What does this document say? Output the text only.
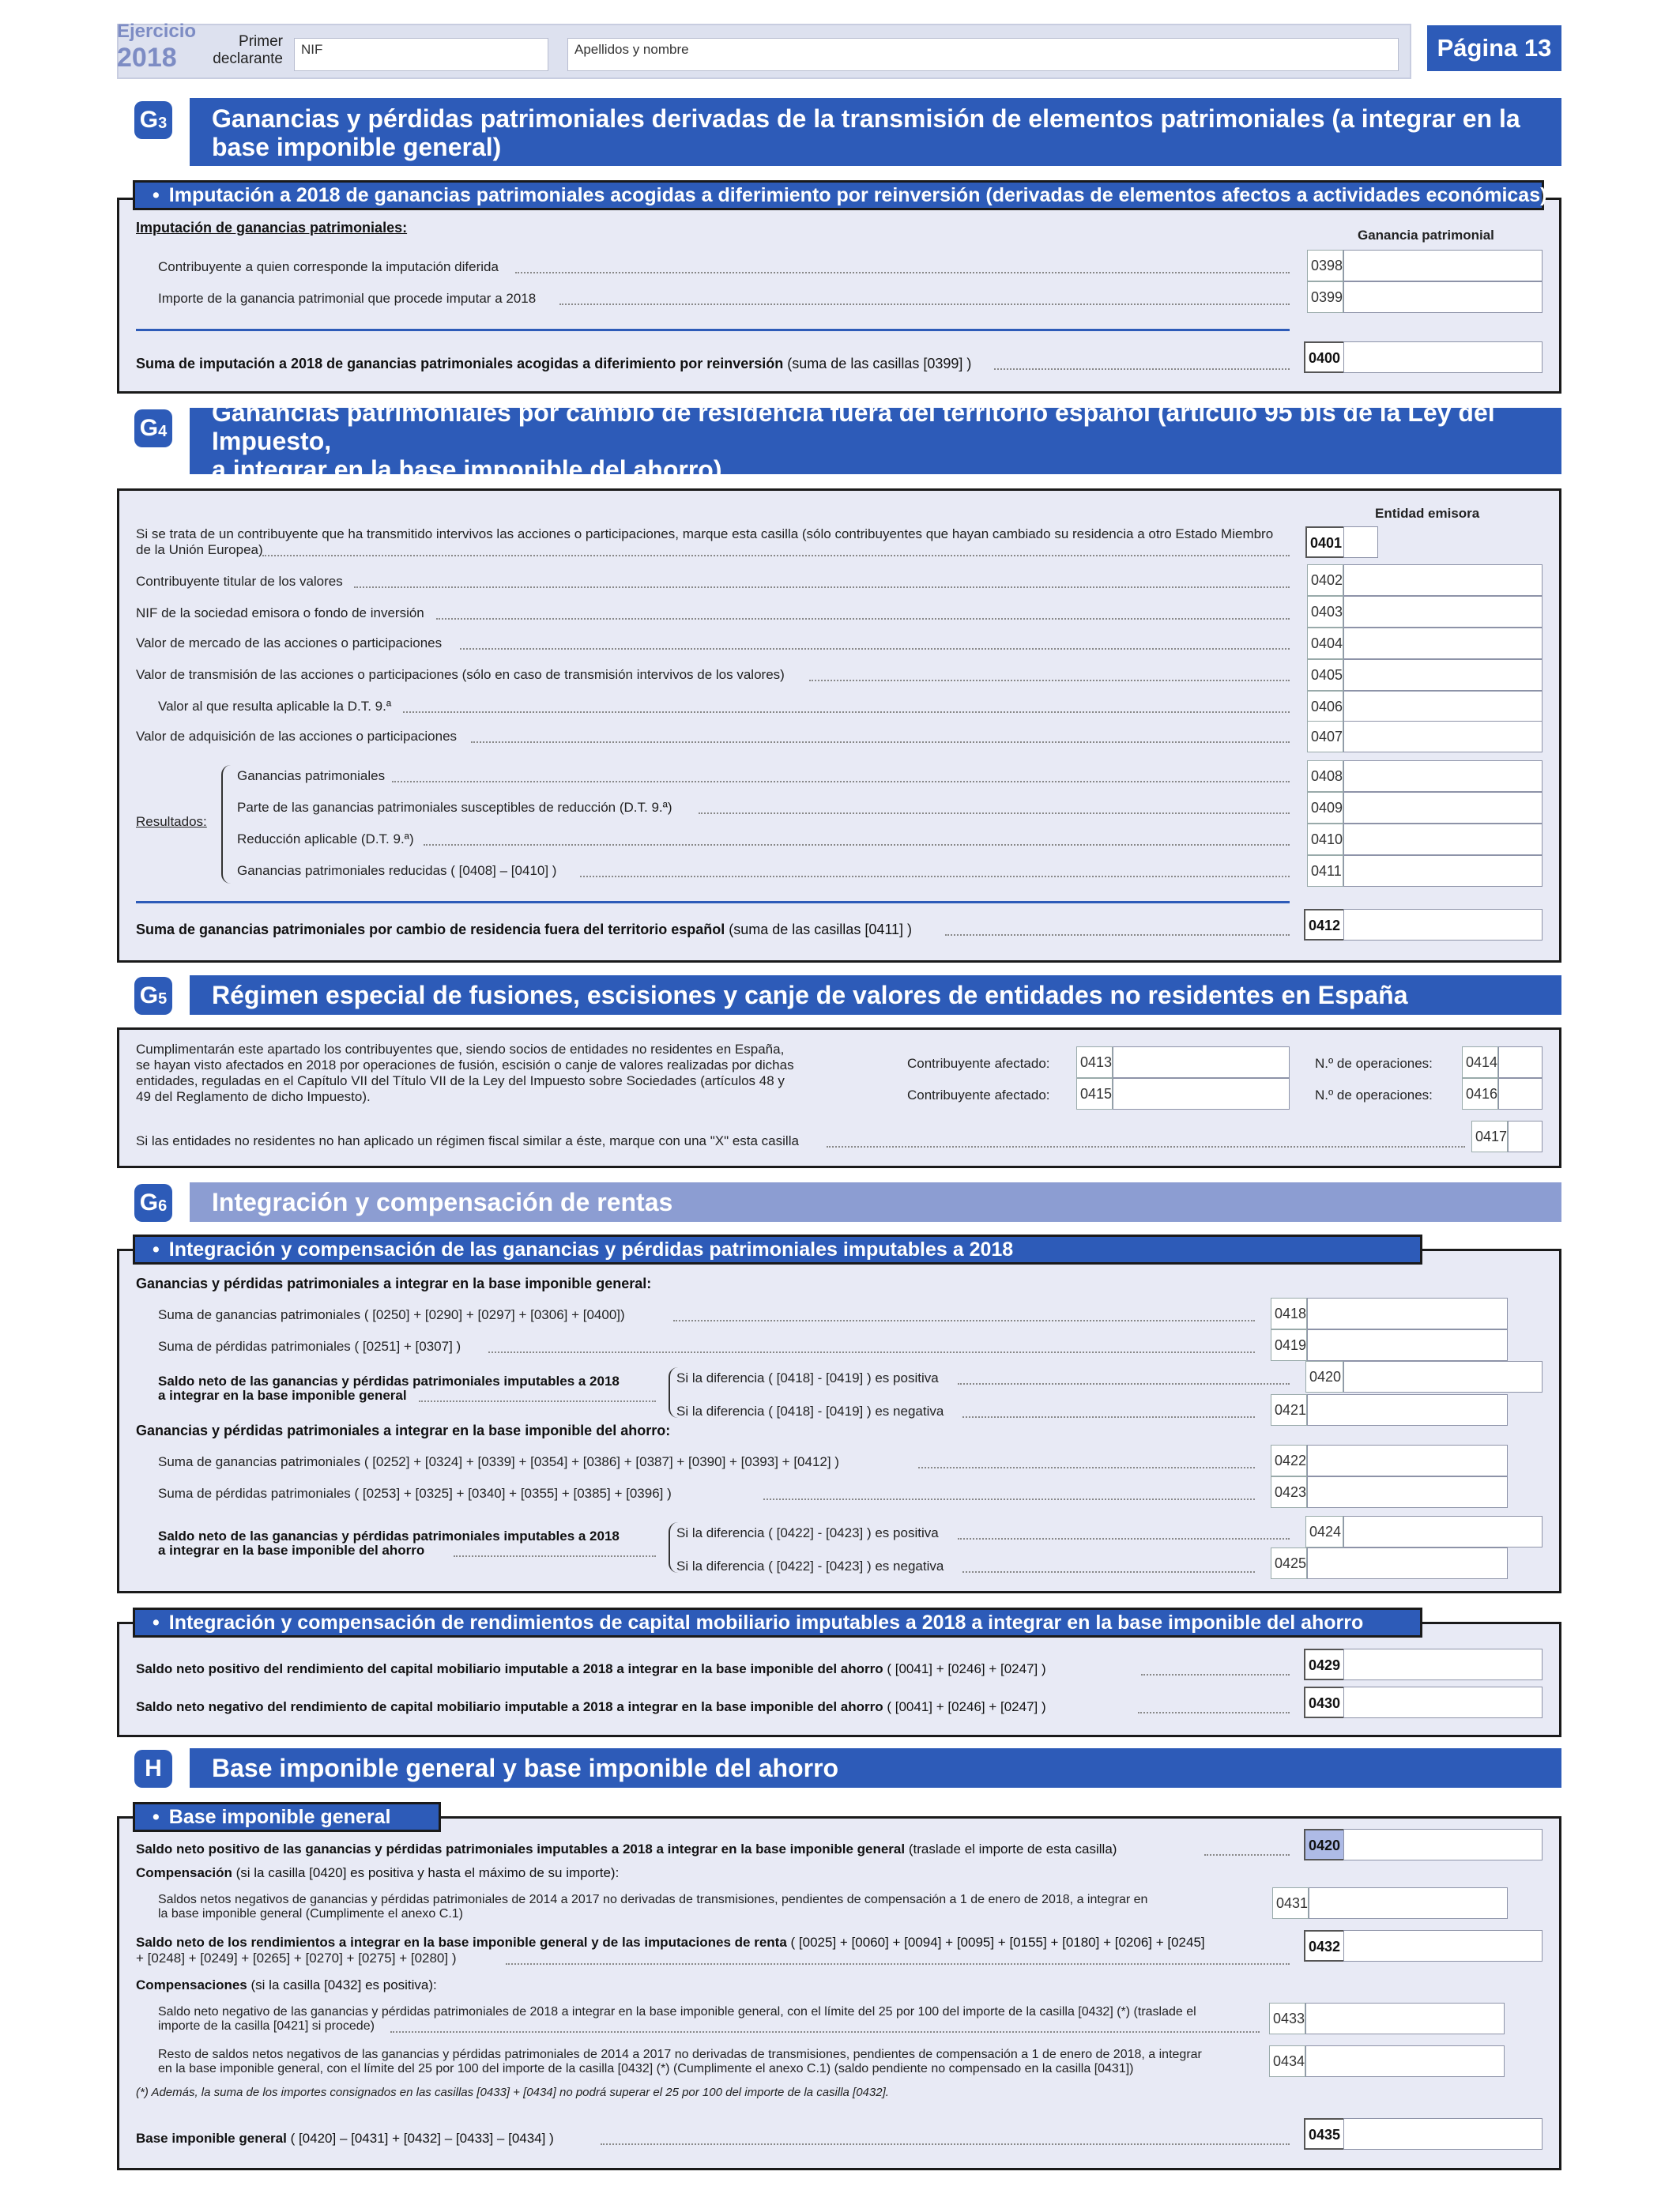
Ejercicio
2018
Primer declarante
NIF	Apellidos y nombre	Página 13
$G_3$ Ganancias y pérdidas patrimoniales derivadas de la transmisión de elementos patrimoniales (a integrar en la base imponible general)
• Imputación a 2018 de ganancias patrimoniales acogidas a diferimiento por reinversión (derivadas de elementos afectos a actividades económicas)
Imputación de ganancias patrimoniales:	Ganancia patrimonial
Contribuyente a quien corresponde la imputación diferida	0398
Importe de la ganancia patrimonial que procede imputar a 2018	0399
Suma de imputación a 2018 de ganancias patrimoniales acogidas a diferimiento por reinversión (suma de las casillas [0399] )	0400
$G_4$
Ganancias patrimoniales por cambio de residencia fuera del territorio español (artículo 95 bis de la Ley del Impuesto,
a integrar en la base imponible del ahorro)
Entidad emisora
Si se trata de un contribuyente que ha transmitido intervivos las acciones o participaciones, marque esta casilla (sólo contribuyentes que hayan cambiado su residencia a otro Estado Miembro
de la Unión Europea)	0401
Contribuyente titular de los valores	0402
NIF de la sociedad emisora o fondo de inversión	0403
Valor de mercado de las acciones o participaciones	0404
Valor de transmisión de las acciones o participaciones (sólo en caso de transmisión intervivos de los valores)	0405
Valor al que resulta aplicable la D.T. 9.ª	0406
Valor de adquisición de las acciones o participaciones	0407
Resultados:
Ganancias patrimoniales	0408
Parte de las ganancias patrimoniales susceptibles de reducción (D.T. 9.ª)	0409
Reducción aplicable (D.T. 9.ª)	0410
Ganancias patrimoniales reducidas ( [0408] – [0410] )	0411
Suma de ganancias patrimoniales por cambio de residencia fuera del territorio español (suma de las casillas [0411] )	0412
$G_5$	Régimen especial de fusiones, escisiones y canje de valores de entidades no residentes en España
Cumplimentarán este apartado los contribuyentes que, siendo socios de entidades no residentes en España,
se hayan visto afectados en 2018 por operaciones de fusión, escisión o canje de valores realizadas por dichas
entidades, reguladas en el Capítulo VII del Título VII de la Ley del Impuesto sobre Sociedades (artículos 48 y
49 del Reglamento de dicho Impuesto).
Contribuyente afectado: 0413	N.º de operaciones: 0414
Contribuyente afectado: 0415	N.º de operaciones: 0416
Si las entidades no residentes no han aplicado un régimen fiscal similar a éste, marque con una "X" esta casilla	0417
$G_6$	Integración y compensación de rentas
• Integración y compensación de las ganancias y pérdidas patrimoniales imputables a 2018
Ganancias y pérdidas patrimoniales a integrar en la base imponible general:
Suma de ganancias patrimoniales ( [0250] + [0290] + [0297] + [0306] + [0400])	0418
Suma de pérdidas patrimoniales ( [0251] + [0307] )	0419
Saldo neto de las ganancias y pérdidas patrimoniales imputables a 2018
a integrar en la base imponible general
Si la diferencia ( [0418] - [0419] ) es positiva	0420
Si la diferencia ( [0418] - [0419] ) es negativa	0421
Ganancias y pérdidas patrimoniales a integrar en la base imponible del ahorro:
Suma de ganancias patrimoniales ( [0252] + [0324] + [0339] + [0354] + [0386] + [0387] + [0390] + [0393] + [0412] )	0422
Suma de pérdidas patrimoniales ( [0253] + [0325] + [0340] + [0355] + [0385] + [0396] )	0423
Saldo neto de las ganancias y pérdidas patrimoniales imputables a 2018
a integrar en la base imponible del ahorro
Si la diferencia ( [0422] - [0423] ) es positiva	0424
Si la diferencia ( [0422] - [0423] ) es negativa	0425
• Integración y compensación de rendimientos de capital mobiliario imputables a 2018 a integrar en la base imponible del ahorro
Saldo neto positivo del rendimiento del capital mobiliario imputable a 2018 a integrar en la base imponible del ahorro ( [0041] + [0246] + [0247] )	0429
Saldo neto negativo del rendimiento de capital mobiliario imputable a 2018 a integrar en la base imponible del ahorro ( [0041] + [0246] + [0247] )	0430
H	Base imponible general y base imponible del ahorro
• Base imponible general
Saldo neto positivo de las ganancias y pérdidas patrimoniales imputables a 2018 a integrar en la base imponible general (traslade el importe de esta casilla)	0420
Compensación (si la casilla [0420] es positiva y hasta el máximo de su importe):
Saldos netos negativos de ganancias y pérdidas patrimoniales de 2014 a 2017 no derivadas de transmisiones, pendientes de compensación a 1 de enero de 2018, a integrar en
la base imponible general (Cumplimente el anexo C.1)
0431
Saldo neto de los rendimientos a integrar en la base imponible general y de las imputaciones de renta ( [0025] + [0060] + [0094] + [0095] + [0155] + [0180] + [0206] + [0245]
+ [0248] + [0249] + [0265] + [0270] + [0275] + [0280] )
0432
Compensaciones (si la casilla [0432] es positiva):
Saldo neto negativo de las ganancias y pérdidas patrimoniales de 2018 a integrar en la base imponible general, con el límite del 25 por 100 del importe de la casilla [0432] (*) (traslade el
importe de la casilla [0421] si procede)	0433
Resto de saldos netos negativos de las ganancias y pérdidas patrimoniales de 2014 a 2017 no derivadas de transmisiones, pendientes de compensación a 1 de enero de 2018, a integrar
en la base imponible general, con el límite del 25 por 100 del importe de la casilla [0432] (*) (Cumplimente el anexo C.1) (saldo pendiente no compensado en la casilla [0431])	0434
(*) Además, la suma de los importes consignados en las casillas [0433] + [0434] no podrá superar el 25 por 100 del importe de la casilla [0432].
Base imponible general ( [0420] – [0431] + [0432] – [0433] – [0434] )	0435
